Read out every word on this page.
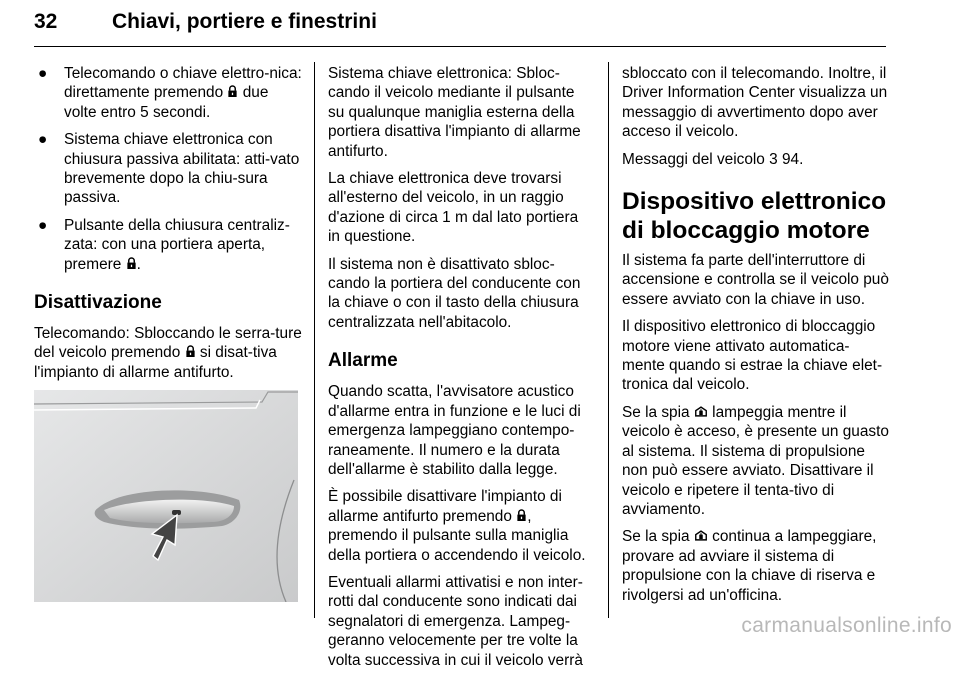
32	Chiavi, portiere e finestrini
● Telecomando o chiave elettro-nica: direttamente premendo due volte entro 5 secondi.
● Sistema chiave elettronica con chiusura passiva abilitata: atti-vato brevemente dopo la chiu-sura passiva.
● Pulsante della chiusura centraliz-zata: con una portiera aperta, premere .
Disattivazione

Telecomando: Sbloccando le serra-ture del veicolo premendo si disat-tiva l'impianto di allarme antifurto.

Sistema chiave elettronica: Sbloc-cando il veicolo mediante il pulsante su qualunque maniglia esterna della portiera disattiva l'impianto di allarme antifurto.

La chiave elettronica deve trovarsi all'esterno del veicolo, in un raggio d'azione di circa 1 m dal lato portiera in questione.

Il sistema non è disattivato sbloc-cando la portiera del conducente con la chiave o con il tasto della chiusura centralizzata nell'abitacolo.

Allarme

Quando scatta, l'avvisatore acustico d'allarme entra in funzione e le luci di emergenza lampeggiano contempo-raneamente. Il numero e la durata dell'allarme è stabilito dalla legge.

È possibile disattivare l'impianto di allarme antifurto premendo , premendo il pulsante sulla maniglia della portiera o accendendo il veicolo.

Eventuali allarmi attivatisi e non inter-rotti dal conducente sono indicati dai segnalatori di emergenza. Lampeg-geranno velocemente per tre volte la volta successiva in cui il veicolo verrà

sbloccato con il telecomando. Inoltre, il Driver Information Center visualizza un messaggio di avvertimento dopo aver acceso il veicolo.

Messaggi del veicolo 3 94.

Dispositivo elettronico di bloccaggio motore

Il sistema fa parte dell'interruttore di accensione e controlla se il veicolo può essere avviato con la chiave in uso.

Il dispositivo elettronico di bloccaggio motore viene attivato automatica-mente quando si estrae la chiave elet-tronica dal veicolo.

Se la spia lampeggia mentre il veicolo è acceso, è presente un guasto al sistema. Il sistema di propulsione non può essere avviato. Disattivare il veicolo e ripetere il tenta-tivo di avviamento.

Se la spia continua a lampeggiare, provare ad avviare il sistema di propulsione con la chiave di riserva e rivolgersi ad un'officina.

carmanualsonline.info
